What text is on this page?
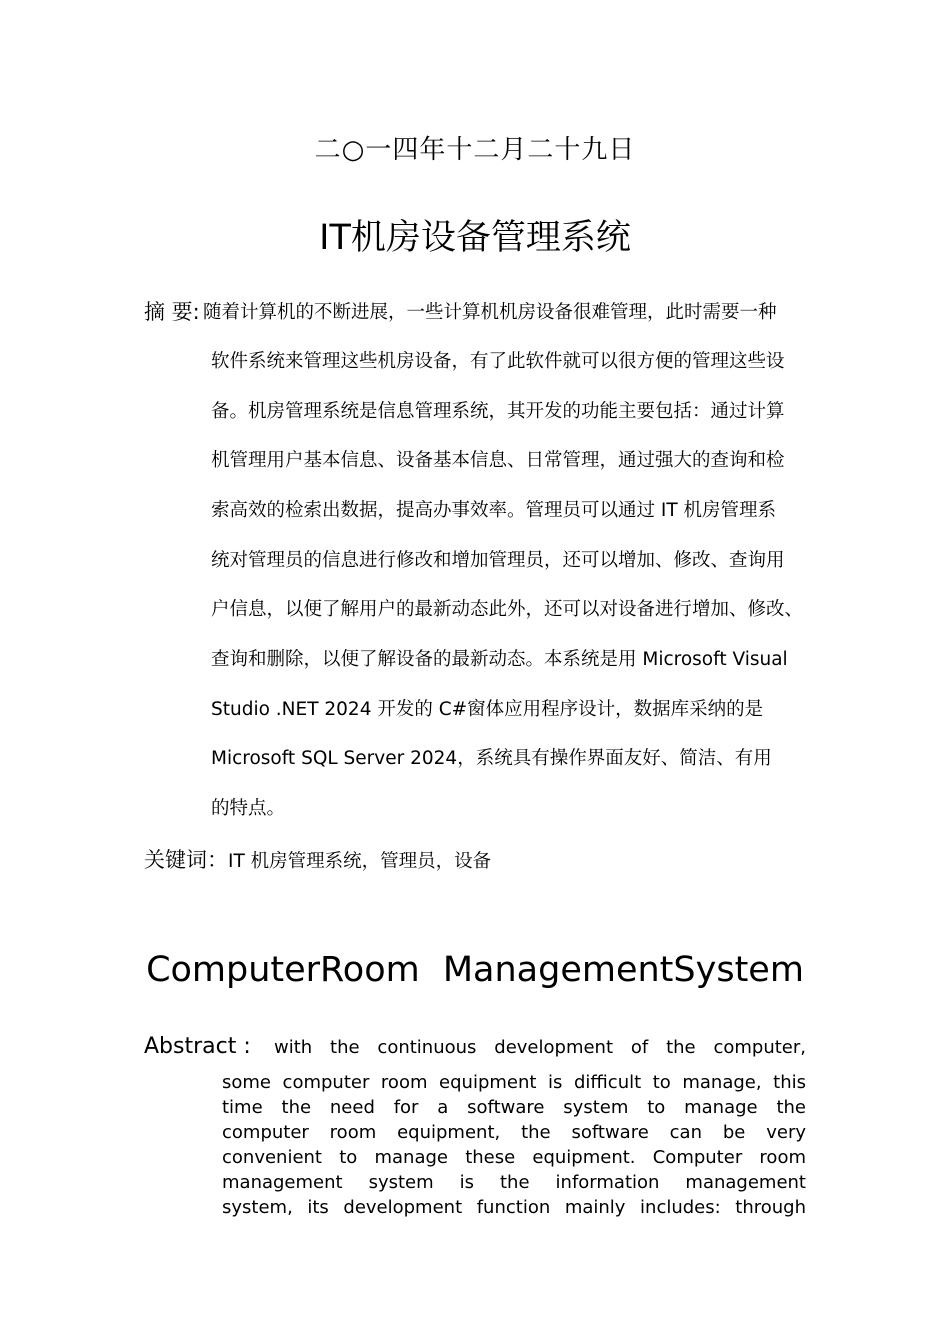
二○一四年十二月二十九日
IT机房设备管理系统
摘 要: 随着计算机的不断进展，一些计算机机房设备很难管理，此时需要一种
软件系统来管理这些机房设备，有了此软件就可以很方便的管理这些设
备。机房管理系统是信息管理系统，其开发的功能主要包括：通过计算
机管理用户基本信息、设备基本信息、日常管理，通过强大的查询和检
索高效的检索出数据，提高办事效率。管理员可以通过 IT 机房管理系
统对管理员的信息进行修改和增加管理员，还可以增加、修改、查询用
户信息，以便了解用户的最新动态此外，还可以对设备进行增加、修改、
查询和删除，以便了解设备的最新动态。本系统是用 Microsoft Visual
Studio .NET 2024 开发的 C#窗体应用程序设计，数据库采纳的是
Microsoft SQL Server 2024，系统具有操作界面友好、简洁、有用
的特点。
关键词：IT 机房管理系统，管理员，设备
ComputerRoom ManagementSystem
Abstract : with the continuous development of the computer,
some computer room equipment is difficult to manage, this
time the need for a software system to manage the
computer room equipment, the software can be very
convenient to manage these equipment. Computer room
management system is the information management
system, its development function mainly includes: through
